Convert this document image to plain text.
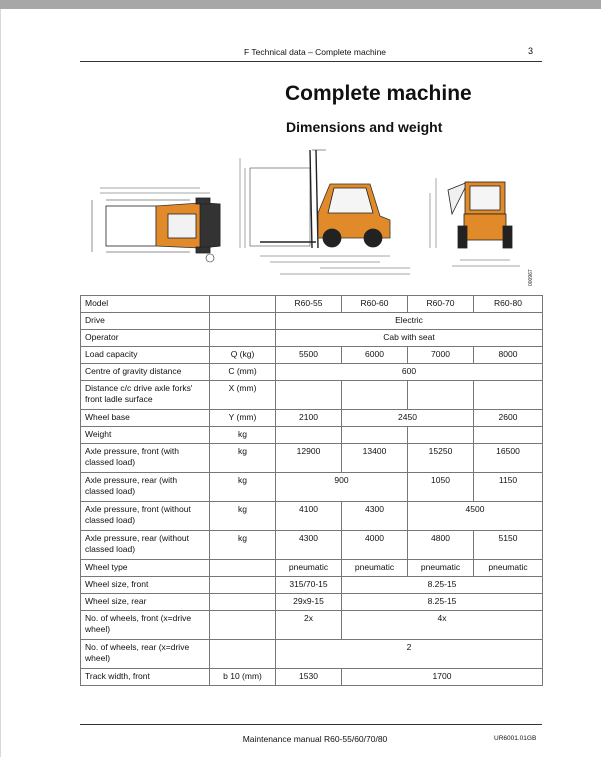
F Technical data – Complete machine	3
Complete machine
Dimensions and weight
000967
Model		R60-55	R60-60	R60-70	R60-80
Drive		Electric			
Operator		Cab with seat			
Load capacity	Q (kg)	5500	6000	7000	8000
Centre of gravity distance	C (mm)	600			
Distance c/c drive axle forks' front ladle surface	X (mm)				
Wheel base	Y (mm)	2100	2450		2600
Weight	kg				
Axle pressure, front (with classed load)	kg	12900	13400	15250	16500
Axle pressure, rear (with classed load)	kg	900		1050	1150
Axle pressure, front (without classed load)	kg	4100	4300	4500	
Axle pressure, rear (without classed load)	kg	4300	4000	4800	5150
Wheel type		pneumatic	pneumatic	pneumatic	pneumatic
Wheel size, front		315/70-15	8.25-15		
Wheel size, rear		29x9-15	8.25-15		
No. of wheels, front (x=drive wheel)		2x	4x		
No. of wheels, rear (x=drive wheel)		2			
Track width, front	b 10 (mm)	1530	1700		
Maintenance manual R60-55/60/70/80	UR6001.01GB
